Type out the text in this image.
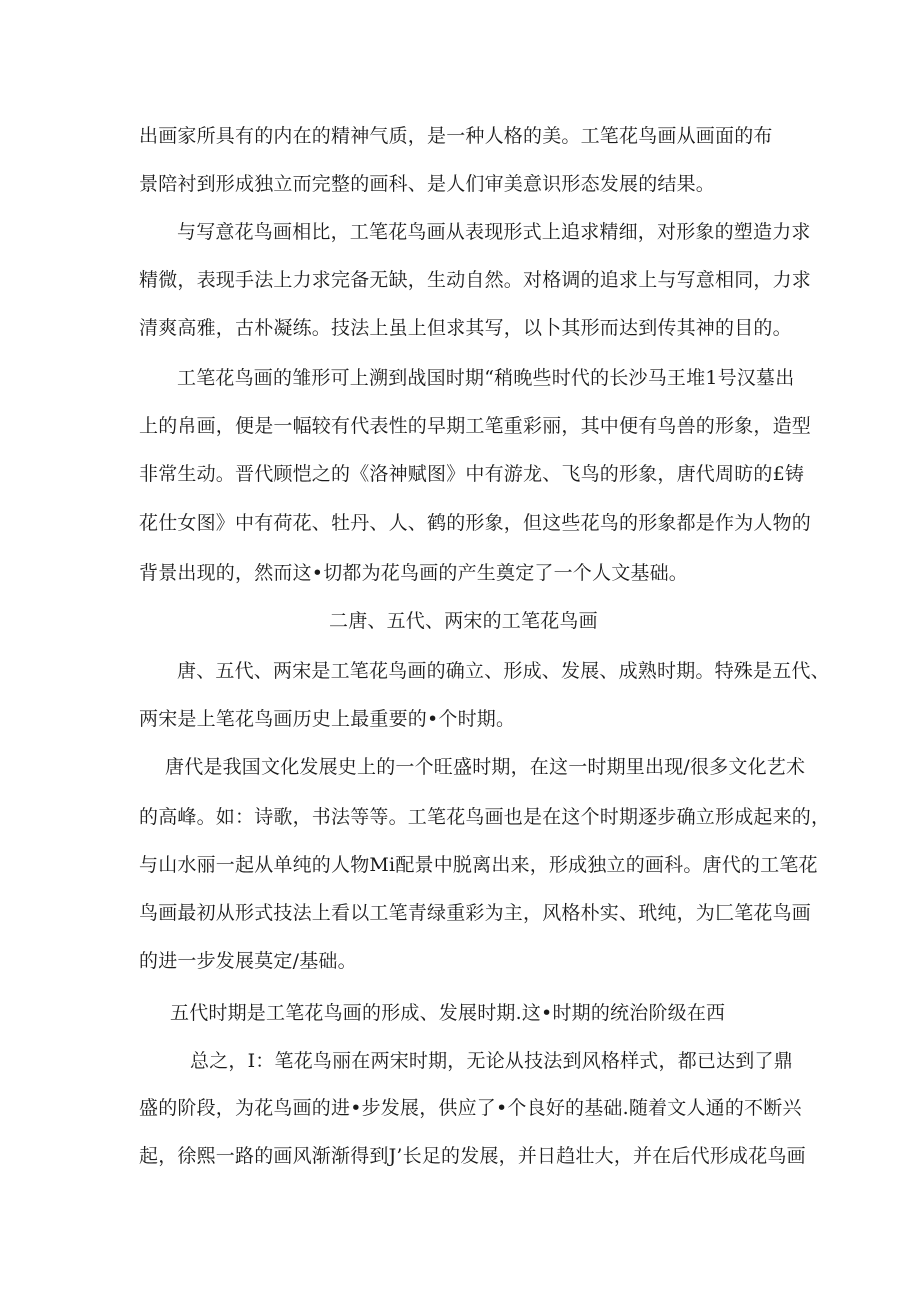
出画家所具有的内在的精神气质，是一种人格的美。工笔花鸟画从画面的布
景陪衬到形成独立而完整的画科、是人们审美意识形态发展的结果。
与写意花鸟画相比，工笔花鸟画从表现形式上追求精细，对形象的塑造力求
精微，表现手法上力求完备无缺，生动自然。对格调的追求上与写意相同，力求
清爽高雅，古朴凝练。技法上虽上但求其写，以卜其形而达到传其神的目的。
工笔花鸟画的雏形可上溯到战国时期“稍晚些时代的长沙马王堆1号汉墓出
上的帛画，便是一幅较有代表性的早期工笔重彩丽，其中便有鸟兽的形象，造型
非常生动。晋代顾恺之的《洛神赋图》中有游龙、飞鸟的形象，唐代周昉的£铸
花仕女图》中有荷花、牡丹、人、鹤的形象，但这些花鸟的形象都是作为人物的
背景出现的，然而这•切都为花鸟画的产生奠定了一个人文基础。
二唐、五代、两宋的工笔花鸟画
唐、五代、两宋是工笔花鸟画的确立、形成、发展、成熟时期。特殊是五代、
两宋是上笔花鸟画历史上最重要的•个时期。
唐代是我国文化发展史上的一个旺盛时期，在这一时期里出现/很多文化艺术
的高峰。如：诗歌，书法等等。工笔花鸟画也是在这个时期逐步确立形成起来的，
与山水丽一起从单纯的人物Mi配景中脱离出来，形成独立的画科。唐代的工笔花
鸟画最初从形式技法上看以工笔青绿重彩为主，风格朴实、玳纯，为匚笔花鸟画
的进一步发展莫定/基础。
五代时期是工笔花鸟画的形成、发展时期.这•时期的统治阶级在西
总之，I：笔花鸟丽在两宋时期，无论从技法到风格样式，都已达到了鼎
盛的阶段，为花鸟画的进•步发展，供应了•个良好的基础.随着文人通的不断兴
起，徐熙一路的画风渐渐得到J’长足的发展，并日趋壮大，并在后代形成花鸟画
